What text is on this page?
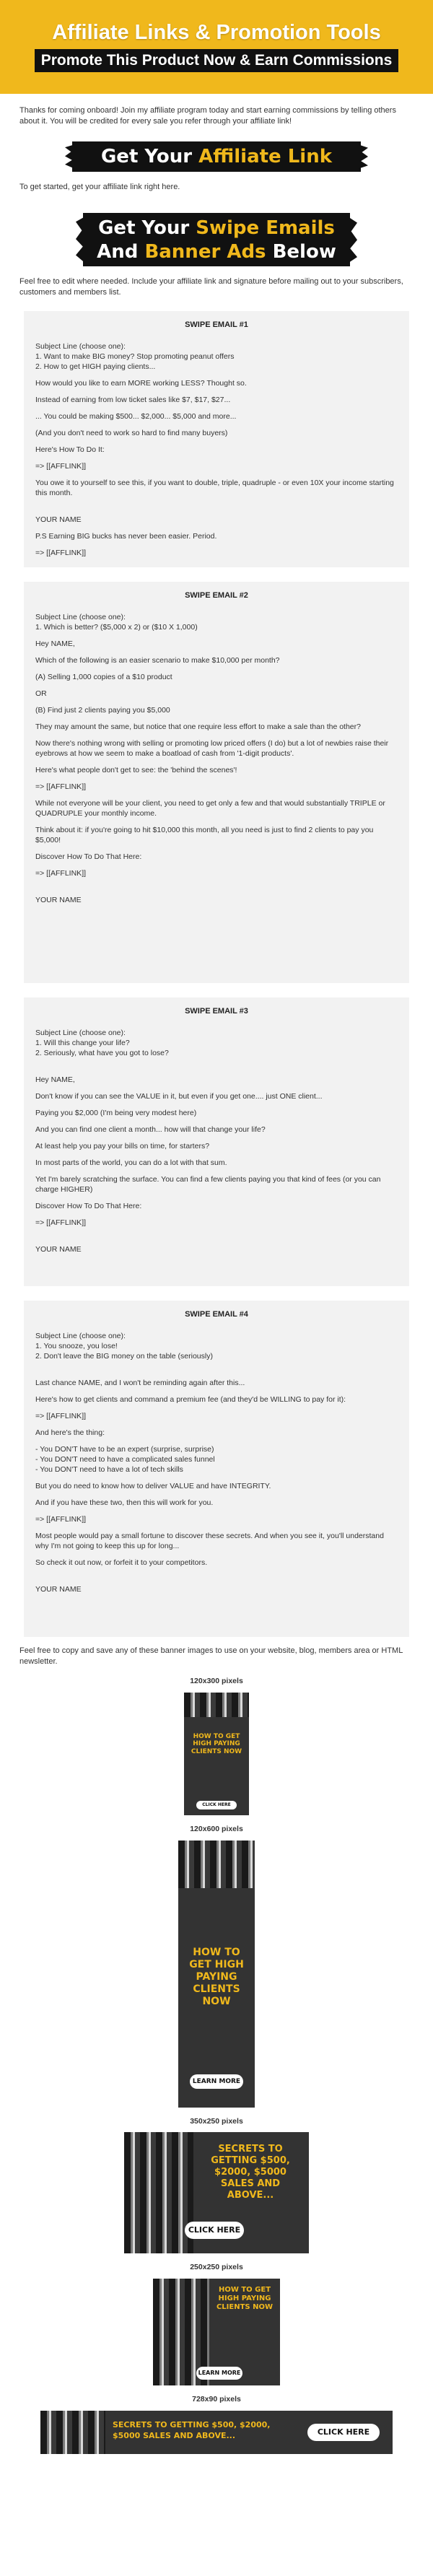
Affiliate Links & Promotion Tools
Promote This Product Now & Earn Commissions

Thanks for coming onboard! Join my affiliate program today and start earning commissions by telling others about it. You will be credited for every sale you refer through your affiliate link!

Get Your Affiliate Link

To get started, get your affiliate link right here.

Get Your Swipe Emails
And Banner Ads Below

Feel free to edit where needed. Include your affiliate link and signature before mailing out to your subscribers, customers and members list.

SWIPE EMAIL #1

Subject Line (choose one):
1. Want to make BIG money? Stop promoting peanut offers
2. How to get HIGH paying clients...

How would you like to earn MORE working LESS? Thought so.

Instead of earning from low ticket sales like $7, $17, $27...

... You could be making $500... $2,000... $5,000 and more...

(And you don't need to work so hard to find many buyers)

Here's How To Do It:

=> [[AFFLINK]]

You owe it to yourself to see this, if you want to double, triple, quadruple - or even 10X your income starting this month.

YOUR NAME

P.S Earning BIG bucks has never been easier. Period.

=> [[AFFLINK]]

SWIPE EMAIL #2

Subject Line (choose one):
1. Which is better? ($5,000 x 2) or ($10 X 1,000)

Hey NAME,

Which of the following is an easier scenario to make $10,000 per month?

(A) Selling 1,000 copies of a $10 product

OR

(B) Find just 2 clients paying you $5,000

They may amount the same, but notice that one require less effort to make a sale than the other?

Now there's nothing wrong with selling or promoting low priced offers (I do) but a lot of newbies raise their eyebrows at how we seem to make a boatload of cash from '1-digit products'.

Here's what people don't get to see: the 'behind the scenes'!

=> [[AFFLINK]]

While not everyone will be your client, you need to get only a few and that would substantially TRIPLE or QUADRUPLE your monthly income.

Think about it: if you're going to hit $10,000 this month, all you need is just to find 2 clients to pay you $5,000!

Discover How To Do That Here:

=> [[AFFLINK]]

YOUR NAME

SWIPE EMAIL #3

Subject Line (choose one):
1. Will this change your life?
2. Seriously, what have you got to lose?

Hey NAME,

Don't know if you can see the VALUE in it, but even if you get one.... just ONE client...

Paying you $2,000 (I'm being very modest here)

And you can find one client a month... how will that change your life?

At least help you pay your bills on time, for starters?

In most parts of the world, you can do a lot with that sum.

Yet I'm barely scratching the surface. You can find a few clients paying you that kind of fees (or you can charge HIGHER)

Discover How To Do That Here:

=> [[AFFLINK]]

YOUR NAME

SWIPE EMAIL #4

Subject Line (choose one):
1. You snooze, you lose!
2. Don't leave the BIG money on the table (seriously)

Last chance NAME, and I won't be reminding again after this...

Here's how to get clients and command a premium fee (and they'd be WILLING to pay for it):

=> [[AFFLINK]]

And here's the thing:

- You DON'T have to be an expert (surprise, surprise)
- You DON'T need to have a complicated sales funnel
- You DON'T need to have a lot of tech skills

But you do need to know how to deliver VALUE and have INTEGRITY.

And if you have these two, then this will work for you.

=> [[AFFLINK]]

Most people would pay a small fortune to discover these secrets. And when you see it, you'll understand why I'm not going to keep this up for long...

So check it out now, or forfeit it to your competitors.

YOUR NAME

Feel free to copy and save any of these banner images to use on your website, blog, members area or HTML newsletter.

120x300 pixels
HOW TO GET HIGH PAYING CLIENTS NOW
CLICK HERE
120x600 pixels
HOW TO GET HIGH PAYING CLIENTS NOW
LEARN MORE
350x250 pixels
SECRETS TO GETTING $500, $2000, $5000 SALES AND ABOVE...
CLICK HERE
250x250 pixels
HOW TO GET HIGH PAYING CLIENTS NOW
LEARN MORE
728x90 pixels
SECRETS TO GETTING $500, $2000, $5000 SALES AND ABOVE...	CLICK HERE
